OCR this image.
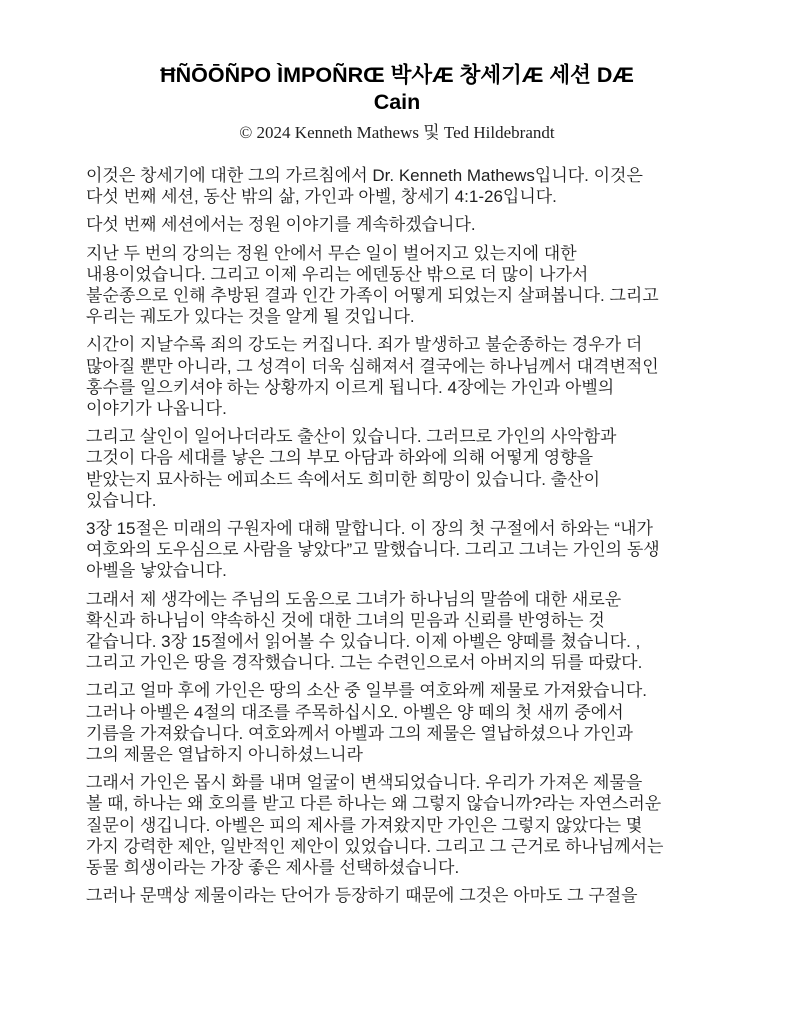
ĦÑŌŌÑPO ÌMPOÑRŒ 박사Æ 창세기Æ 세션 DÆ
Cain
© 2024 Kenneth Mathews 및 Ted Hildebrandt

이것은 창세기에 대한 그의 가르침에서 Dr. Kenneth Mathews입니다. 이것은
다섯 번째 세션, 동산 밖의 삶, 가인과 아벨, 창세기 4:1-26입니다.

다섯 번째 세션에서는 정원 이야기를 계속하겠습니다.

지난 두 번의 강의는 정원 안에서 무슨 일이 벌어지고 있는지에 대한
내용이었습니다. 그리고 이제 우리는 에덴동산 밖으로 더 많이 나가서
불순종으로 인해 추방된 결과 인간 가족이 어떻게 되었는지 살펴봅니다. 그리고
우리는 궤도가 있다는 것을 알게 될 것입니다.

시간이 지날수록 죄의 강도는 커집니다. 죄가 발생하고 불순종하는 경우가 더
많아질 뿐만 아니라, 그 성격이 더욱 심해져서 결국에는 하나님께서 대격변적인
홍수를 일으키셔야 하는 상황까지 이르게 됩니다. 4장에는 가인과 아벨의
이야기가 나옵니다.

그리고 살인이 일어나더라도 출산이 있습니다. 그러므로 가인의 사악함과
그것이 다음 세대를 낳은 그의 부모 아담과 하와에 의해 어떻게 영향을
받았는지 묘사하는 에피소드 속에서도 희미한 희망이 있습니다. 출산이
있습니다.

3장 15절은 미래의 구원자에 대해 말합니다. 이 장의 첫 구절에서 하와는 “내가
여호와의 도우심으로 사람을 낳았다”고 말했습니다. 그리고 그녀는 가인의 동생
아벨을 낳았습니다.

그래서 제 생각에는 주님의 도움으로 그녀가 하나님의 말씀에 대한 새로운
확신과 하나님이 약속하신 것에 대한 그녀의 믿음과 신뢰를 반영하는 것
같습니다. 3장 15절에서 읽어볼 수 있습니다. 이제 아벨은 양떼를 쳤습니다. ,
그리고 가인은 땅을 경작했습니다. 그는 수련인으로서 아버지의 뒤를 따랐다.

그리고 얼마 후에 가인은 땅의 소산 중 일부를 여호와께 제물로 가져왔습니다.
그러나 아벨은 4절의 대조를 주목하십시오. 아벨은 양 떼의 첫 새끼 중에서
기름을 가져왔습니다. 여호와께서 아벨과 그의 제물은 열납하셨으나 가인과
그의 제물은 열납하지 아니하셨느니라

그래서 가인은 몹시 화를 내며 얼굴이 변색되었습니다. 우리가 가져온 제물을
볼 때, 하나는 왜 호의를 받고 다른 하나는 왜 그렇지 않습니까?라는 자연스러운
질문이 생깁니다. 아벨은 피의 제사를 가져왔지만 가인은 그렇지 않았다는 몇
가지 강력한 제안, 일반적인 제안이 있었습니다. 그리고 그 근거로 하나님께서는
동물 희생이라는 가장 좋은 제사를 선택하셨습니다.

그러나 문맥상 제물이라는 단어가 등장하기 때문에 그것은 아마도 그 구절을
